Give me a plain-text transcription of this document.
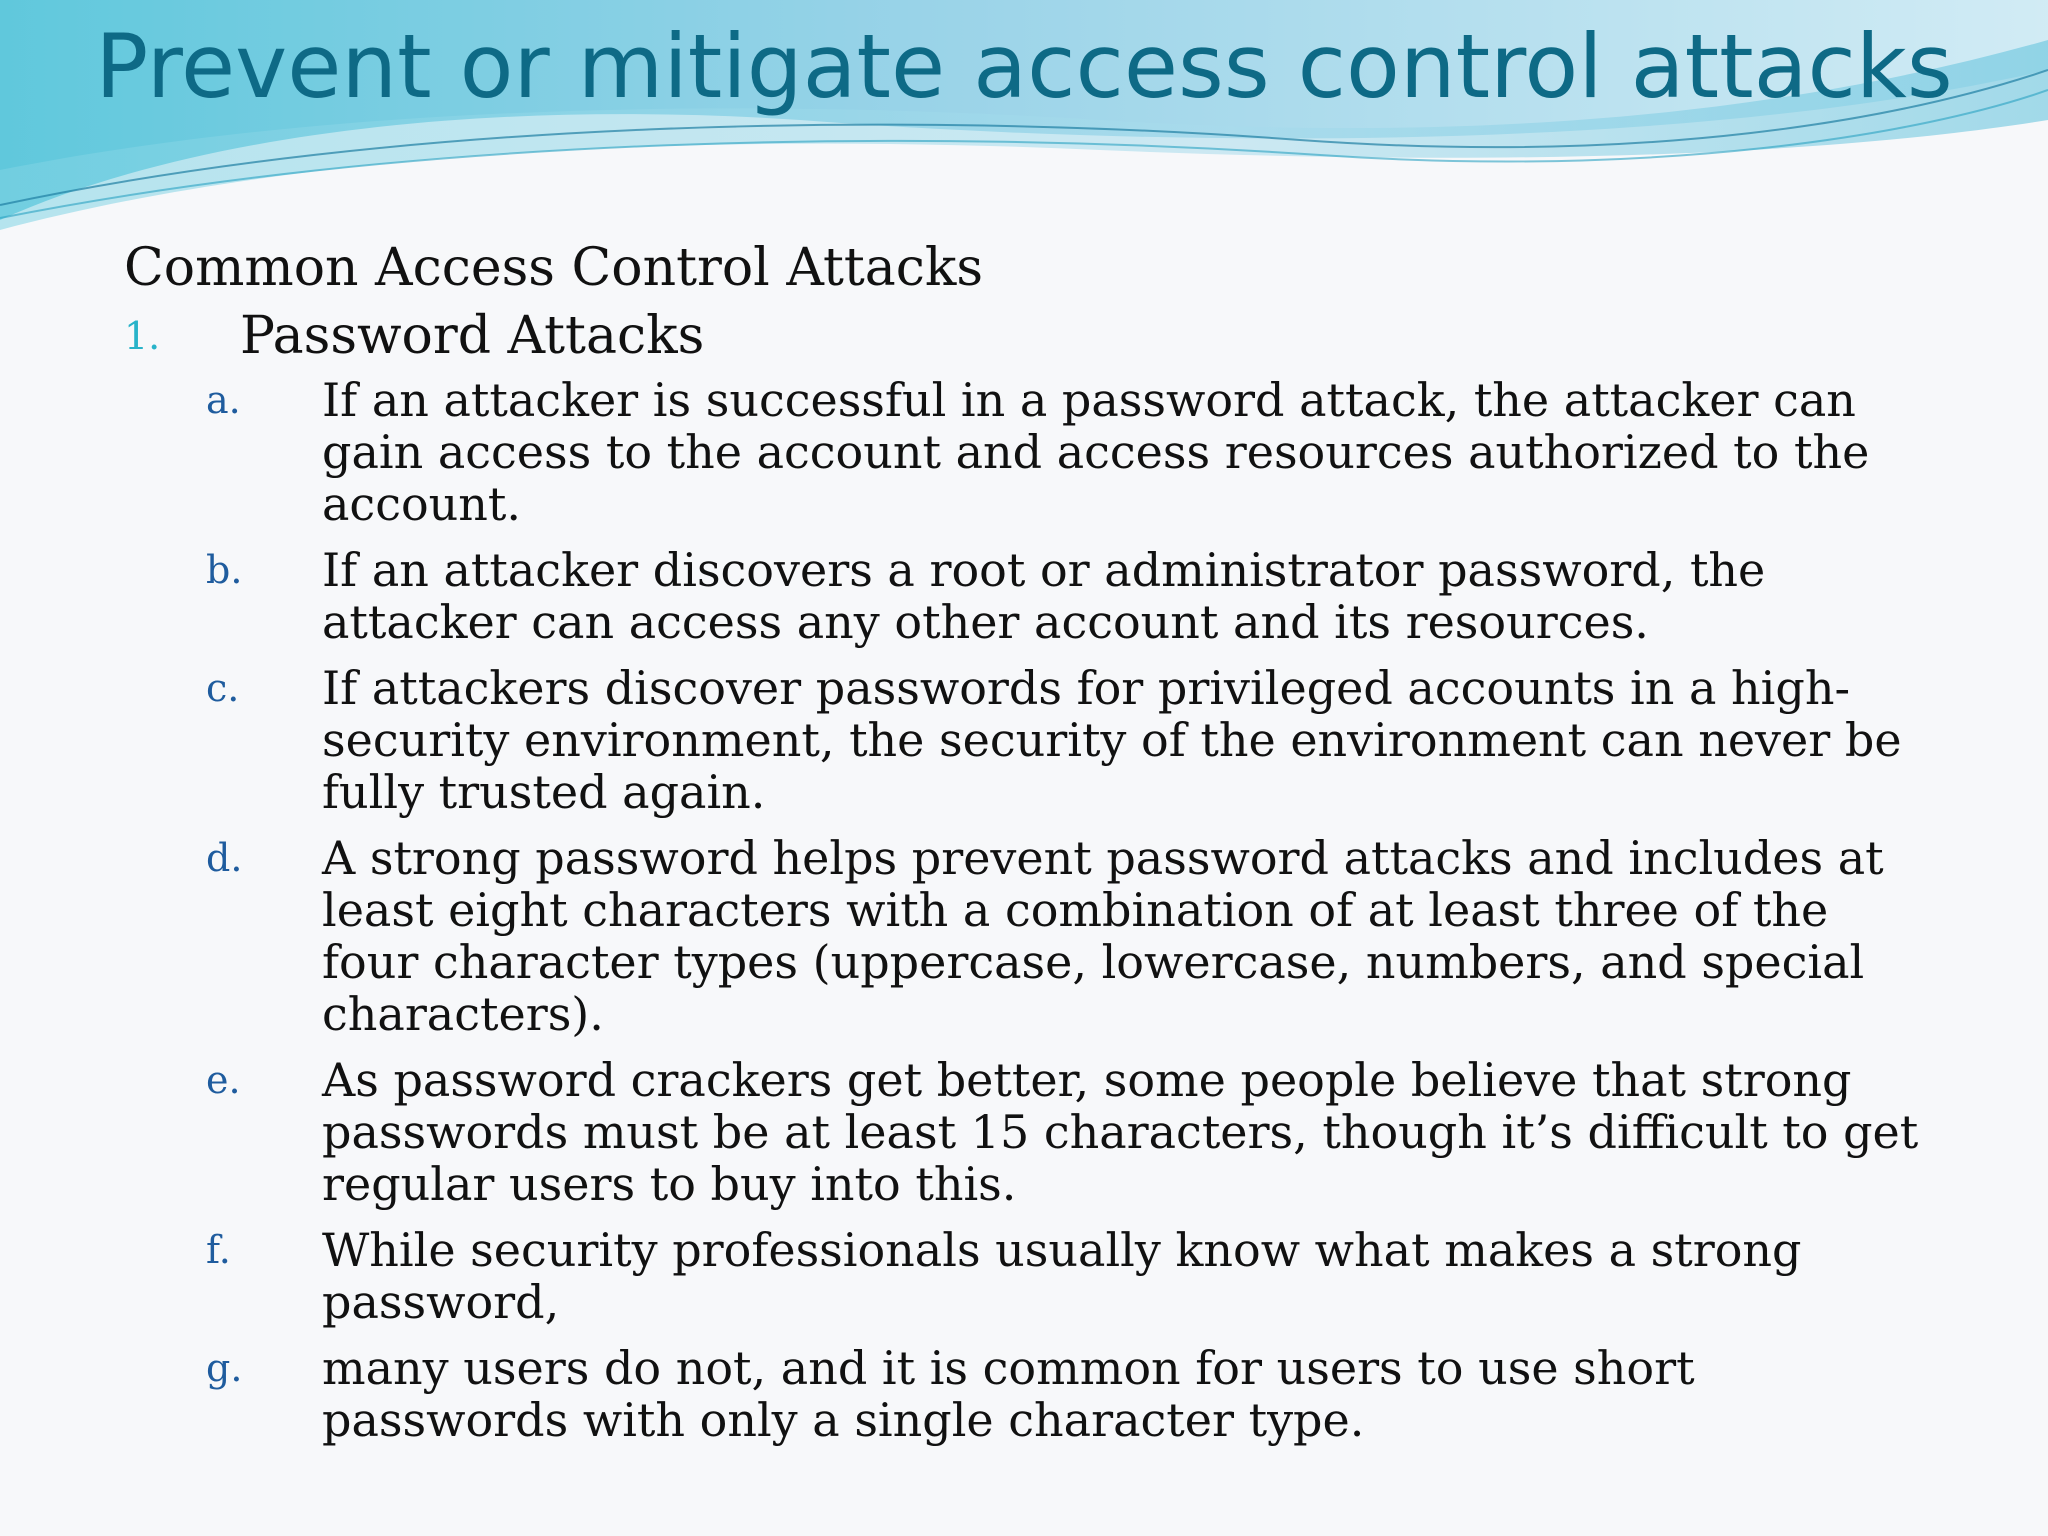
Prevent or mitigate access control attacks

Common Access Control Attacks

1.	Password Attacks
a.	If an attacker is successful in a password attack, the attacker can gain access to the account and access resources authorized to the account.
b.	If an attacker discovers a root or administrator password, the attacker can access any other account and its resources.
c.	If attackers discover passwords for privileged accounts in a high-security environment, the security of the environment can never be fully trusted again.
d.	A strong password helps prevent password attacks and includes at least eight characters with a combination of at least three of the four character types (uppercase, lowercase, numbers, and special characters).
e.	As password crackers get better, some people believe that strong passwords must be at least 15 characters, though it’s difficult to get regular users to buy into this.
f.	While security professionals usually know what makes a strong password,
g.	many users do not, and it is common for users to use short passwords with only a single character type.
